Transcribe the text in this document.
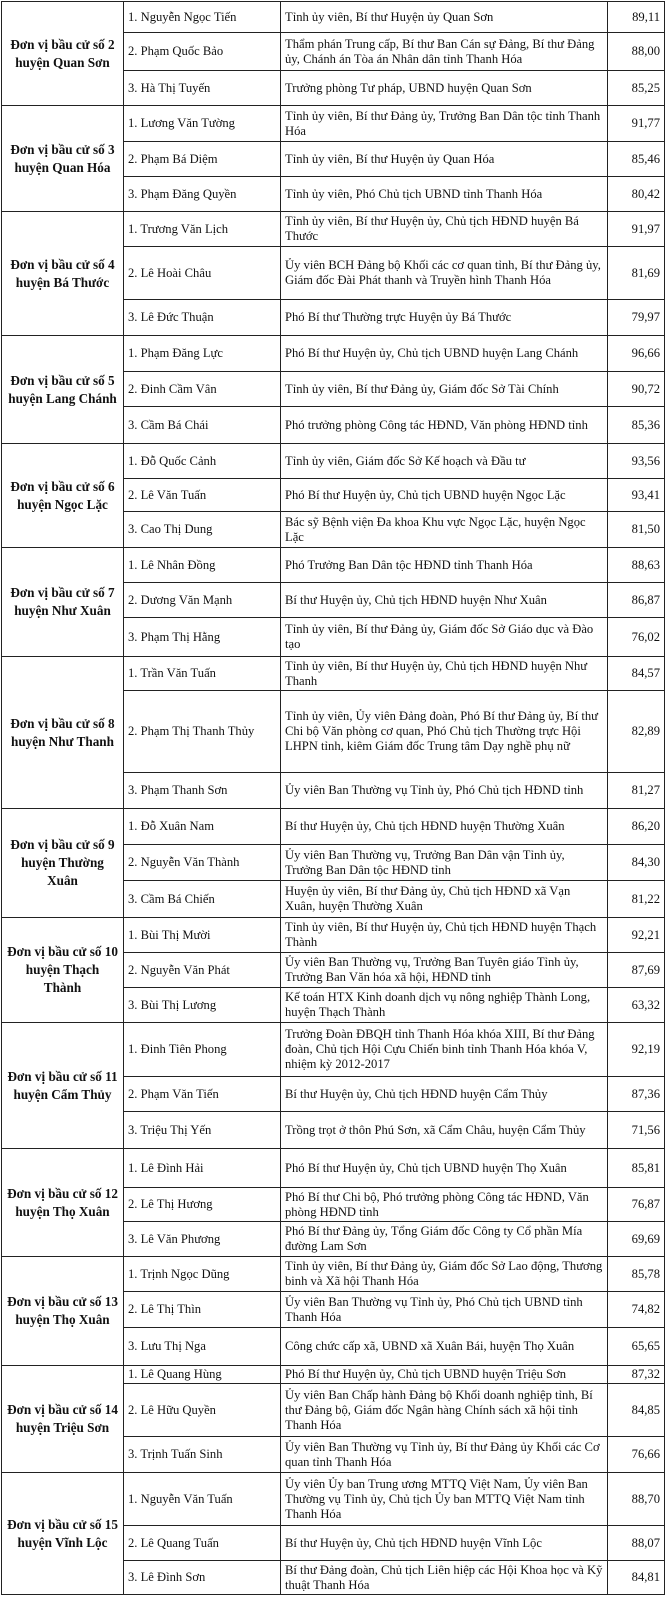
Đơn vị bầu cử số 2 huyện Quan Sơn	1. Nguyễn Ngọc Tiến	Tỉnh ủy viên, Bí thư Huyện ủy Quan Sơn	89,11
	2. Phạm Quốc Bảo	Thẩm phán Trung cấp, Bí thư Ban Cán sự Đảng, Bí thư Đảng ủy, Chánh án Tòa án Nhân dân tỉnh Thanh Hóa	88,00
	3. Hà Thị Tuyến	Trưởng phòng Tư pháp, UBND huyện Quan Sơn	85,25
Đơn vị bầu cử số 3 huyện Quan Hóa	1. Lương Văn Tường	Tỉnh ủy viên, Bí thư Đảng ủy, Trưởng Ban Dân tộc tỉnh Thanh Hóa	91,77
	2. Phạm Bá Diệm	Tỉnh ủy viên, Bí thư Huyện ủy Quan Hóa	85,46
	3. Phạm Đăng Quyền	Tỉnh ủy viên, Phó Chủ tịch UBND tỉnh Thanh Hóa	80,42
Đơn vị bầu cử số 4 huyện Bá Thước	1. Trương Văn Lịch	Tỉnh ủy viên, Bí thư Huyện ủy, Chủ tịch HĐND huyện Bá Thước	91,97
	2. Lê Hoài Châu	Ủy viên BCH Đảng bộ Khối các cơ quan tỉnh, Bí thư Đảng ủy, Giám đốc Đài Phát thanh và Truyền hình Thanh Hóa	81,69
	3. Lê Đức Thuận	Phó Bí thư Thường trực Huyện ủy Bá Thước	79,97
Đơn vị bầu cử số 5 huyện Lang Chánh	1. Phạm Đăng Lực	Phó Bí thư Huyện ủy, Chủ tịch UBND huyện Lang Chánh	96,66
	2. Đinh Cầm Vân	Tỉnh ủy viên, Bí thư Đảng ủy, Giám đốc Sở Tài Chính	90,72
	3. Cầm Bá Chái	Phó trưởng phòng Công tác HĐND, Văn phòng HĐND tỉnh	85,36
Đơn vị bầu cử số 6 huyện Ngọc Lặc	1. Đỗ Quốc Cảnh	Tỉnh ủy viên, Giám đốc Sở Kế hoạch và Đầu tư	93,56
	2. Lê Văn Tuấn	Phó Bí thư Huyện ủy, Chủ tịch UBND huyện Ngọc Lặc	93,41
	3. Cao Thị Dung	Bác sỹ Bệnh viện Đa khoa Khu vực Ngọc Lặc, huyện Ngọc Lặc	81,50
Đơn vị bầu cử số 7 huyện Như Xuân	1. Lê Nhân Đồng	Phó Trưởng Ban Dân tộc HĐND tỉnh Thanh Hóa	88,63
	2. Dương Văn Mạnh	Bí thư Huyện ủy, Chủ tịch HĐND huyện Như Xuân	86,87
	3. Phạm Thị Hằng	Tỉnh ủy viên, Bí thư Đảng ủy, Giám đốc Sở Giáo dục và Đào tạo	76,02
Đơn vị bầu cử số 8 huyện Như Thanh	1. Trần Văn Tuấn	Tỉnh ủy viên, Bí thư Huyện ủy, Chủ tịch HĐND huyện Như Thanh	84,57
	2. Phạm Thị Thanh Thủy	Tỉnh ủy viên, Ủy viên Đảng đoàn, Phó Bí thư Đảng ủy, Bí thư Chi bộ Văn phòng cơ quan, Phó Chủ tịch Thường trực Hội LHPN tỉnh, kiêm Giám đốc Trung tâm Dạy nghề phụ nữ	82,89
	3. Phạm Thanh Sơn	Ủy viên Ban Thường vụ Tỉnh ủy, Phó Chủ tịch HĐND tỉnh	81,27
Đơn vị bầu cử số 9 huyện Thường Xuân	1. Đỗ Xuân Nam	Bí thư Huyện ủy, Chủ tịch HĐND huyện Thường Xuân	86,20
	2. Nguyễn Văn Thành	Ủy viên Ban Thường vụ, Trưởng Ban Dân vận Tỉnh ủy, Trưởng Ban Dân tộc HĐND tỉnh	84,30
	3. Cầm Bá Chiến	Huyện ủy viên, Bí thư Đảng ủy, Chủ tịch HĐND xã Vạn Xuân, huyện Thường Xuân	81,22
Đơn vị bầu cử số 10 huyện Thạch Thành	1. Bùi Thị Mười	Tỉnh ủy viên, Bí thư Huyện ủy, Chủ tịch HĐND huyện Thạch Thành	92,21
	2. Nguyễn Văn Phát	Ủy viên Ban Thường vụ, Trưởng Ban Tuyên giáo Tỉnh ủy, Trưởng Ban Văn hóa xã hội, HĐND tỉnh	87,69
	3. Bùi Thị Lương	Kế toán HTX Kinh doanh dịch vụ nông nghiệp Thành Long, huyện Thạch Thành	63,32
Đơn vị bầu cử số 11 huyện Cẩm Thủy	1. Đinh Tiên Phong	Trưởng Đoàn ĐBQH tỉnh Thanh Hóa khóa XIII, Bí thư Đảng đoàn, Chủ tịch Hội Cựu Chiến binh tỉnh Thanh Hóa khóa V, nhiệm kỳ 2012-2017	92,19
	2. Phạm Văn Tiến	Bí thư Huyện ủy, Chủ tịch HĐND huyện Cẩm Thủy	87,36
	3. Triệu Thị Yến	Trồng trọt ở thôn Phú Sơn, xã Cẩm Châu, huyện Cẩm Thủy	71,56
Đơn vị bầu cử số 12 huyện Thọ Xuân	1. Lê Đình Hải	Phó Bí thư Huyện ủy, Chủ tịch UBND huyện Thọ Xuân	85,81
	2. Lê Thị Hương	Phó Bí thư Chi bộ, Phó trưởng phòng Công tác HĐND, Văn phòng HĐND tỉnh	76,87
	3. Lê Văn Phương	Phó Bí thư Đảng ủy, Tổng Giám đốc Công ty Cổ phần Mía đường Lam Sơn	69,69
Đơn vị bầu cử số 13 huyện Thọ Xuân	1. Trịnh Ngọc Dũng	Tỉnh ủy viên, Bí thư Đảng ủy, Giám đốc Sở Lao động, Thương binh và Xã hội Thanh Hóa	85,78
	2. Lê Thị Thìn	Ủy viên Ban Thường vụ Tỉnh ủy, Phó Chủ tịch UBND tỉnh Thanh Hóa	74,82
	3. Lưu Thị Nga	Công chức cấp xã, UBND xã Xuân Bái, huyện Thọ Xuân	65,65
Đơn vị bầu cử số 14 huyện Triệu Sơn	1. Lê Quang Hùng	Phó Bí thư Huyện ủy, Chủ tịch UBND huyện Triệu Sơn	87,32
	2. Lê Hữu Quyền	Ủy viên Ban Chấp hành Đảng bộ Khối doanh nghiệp tỉnh, Bí thư Đảng bộ, Giám đốc Ngân hàng Chính sách xã hội tỉnh Thanh Hóa	84,85
	3. Trịnh Tuấn Sinh	Ủy viên Ban Thường vụ Tỉnh ủy, Bí thư Đảng ủy Khối các Cơ quan tỉnh Thanh Hóa	76,66
Đơn vị bầu cử số 15 huyện Vĩnh Lộc	1. Nguyễn Văn Tuấn	Ủy viên Ủy ban Trung ương MTTQ Việt Nam, Ủy viên Ban Thường vụ Tỉnh ủy, Chủ tịch Ủy ban MTTQ Việt Nam tỉnh Thanh Hóa	88,70
	2. Lê Quang Tuấn	Bí thư Huyện ủy, Chủ tịch HĐND huyện Vĩnh Lộc	88,07
	3. Lê Đình Sơn	Bí thư Đảng đoàn, Chủ tịch Liên hiệp các Hội Khoa học và Kỹ thuật Thanh Hóa	84,81
